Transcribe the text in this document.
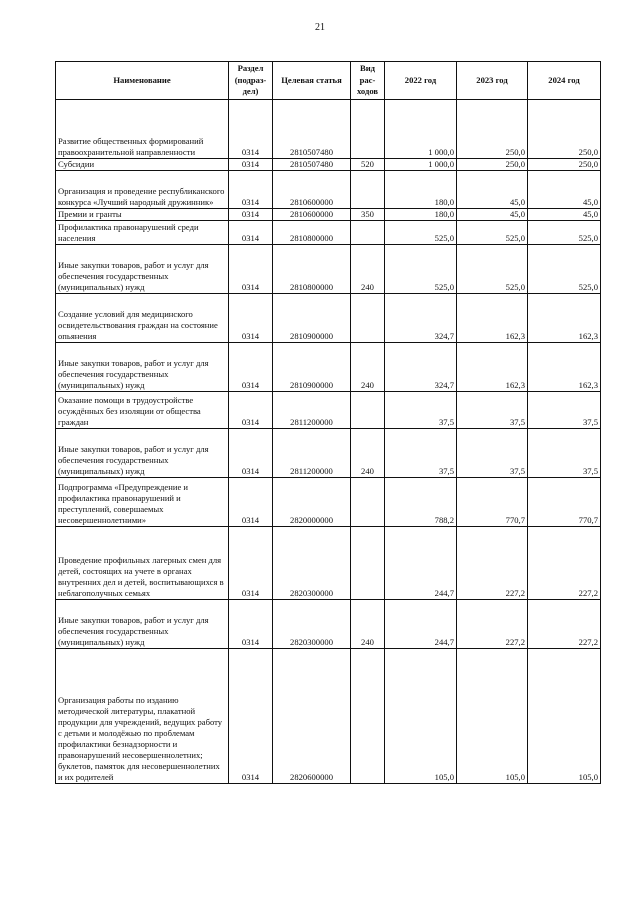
21
Наименование	Раздел (подраз-дел)	Целевая статья	Вид рас-ходов	2022 год	2023 год	2024 год
Развитие общественных формирований правоохранительной направленности	0314	2810507480		1 000,0	250,0	250,0
Субсидии	0314	2810507480	520	1 000,0	250,0	250,0
Организация и проведение республиканского конкурса «Лучший народный дружинник»	0314	2810600000		180,0	45,0	45,0
Премии и гранты	0314	2810600000	350	180,0	45,0	45,0
Профилактика правонарушений среди населения	0314	2810800000		525,0	525,0	525,0
Иные закупки товаров, работ и услуг для обеспечения государственных (муниципальных) нужд	0314	2810800000	240	525,0	525,0	525,0
Создание условий для медицинского освидетельствования граждан на состояние опьянения	0314	2810900000		324,7	162,3	162,3
Иные закупки товаров, работ и услуг для обеспечения государственных (муниципальных) нужд	0314	2810900000	240	324,7	162,3	162,3
Оказание помощи в трудоустройстве осуждённых без изоляции от общества граждан	0314	2811200000		37,5	37,5	37,5
Иные закупки товаров, работ и услуг для обеспечения государственных (муниципальных) нужд	0314	2811200000	240	37,5	37,5	37,5
Подпрограмма «Предупреждение и профилактика правонарушений и преступлений, совершаемых несовершеннолетними»	0314	2820000000		788,2	770,7	770,7
Проведение профильных лагерных смен для детей, состоящих на учете в органах внутренних дел и детей, воспитывающихся в неблагополучных семьях	0314	2820300000		244,7	227,2	227,2
Иные закупки товаров, работ и услуг для обеспечения государственных (муниципальных) нужд	0314	2820300000	240	244,7	227,2	227,2
Организация работы по изданию методической литературы, плакатной продукции для учреждений, ведущих работу с детьми и молодёжью по проблемам профилактики безнадзорности и правонарушений несовершеннолетних; буклетов, памяток для несовершеннолетних и их родителей	0314	2820600000		105,0	105,0	105,0
